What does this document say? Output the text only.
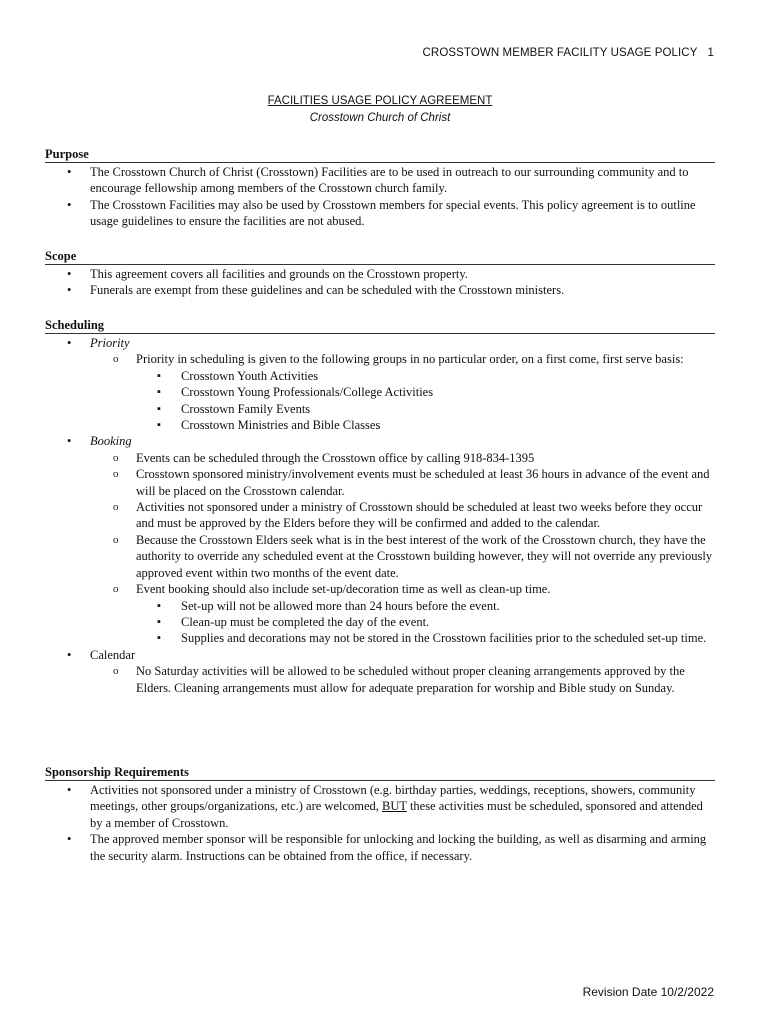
CROSSTOWN MEMBER FACILITY USAGE POLICY 1
FACILITIES USAGE POLICY AGREEMENT
Crosstown Church of Christ
Purpose
• The Crosstown Church of Christ (Crosstown) Facilities are to be used in outreach to our surrounding community and to encourage fellowship among members of the Crosstown church family.
• The Crosstown Facilities may also be used by Crosstown members for special events. This policy agreement is to outline usage guidelines to ensure the facilities are not abused.
Scope
• This agreement covers all facilities and grounds on the Crosstown property.
• Funerals are exempt from these guidelines and can be scheduled with the Crosstown ministers.
Scheduling
• Priority
o Priority in scheduling is given to the following groups in no particular order, on a first come, first serve basis:
▪ Crosstown Youth Activities
▪ Crosstown Young Professionals/College Activities
▪ Crosstown Family Events
▪ Crosstown Ministries and Bible Classes
• Booking
o Events can be scheduled through the Crosstown office by calling 918-834-1395
o Crosstown sponsored ministry/involvement events must be scheduled at least 36 hours in advance of the event and will be placed on the Crosstown calendar.
o Activities not sponsored under a ministry of Crosstown should be scheduled at least two weeks before they occur and must be approved by the Elders before they will be confirmed and added to the calendar.
o Because the Crosstown Elders seek what is in the best interest of the work of the Crosstown church, they have the authority to override any scheduled event at the Crosstown building however, they will not override any previously approved event within two months of the event date.
o Event booking should also include set-up/decoration time as well as clean-up time.
▪ Set-up will not be allowed more than 24 hours before the event.
▪ Clean-up must be completed the day of the event.
▪ Supplies and decorations may not be stored in the Crosstown facilities prior to the scheduled set-up time.
• Calendar
o No Saturday activities will be allowed to be scheduled without proper cleaning arrangements approved by the Elders. Cleaning arrangements must allow for adequate preparation for worship and Bible study on Sunday.
Sponsorship Requirements
• Activities not sponsored under a ministry of Crosstown (e.g. birthday parties, weddings, receptions, showers, community meetings, other groups/organizations, etc.) are welcomed, BUT these activities must be scheduled, sponsored and attended by a member of Crosstown.
• The approved member sponsor will be responsible for unlocking and locking the building, as well as disarming and arming the security alarm. Instructions can be obtained from the office, if necessary.
Revision Date 10/2/2022
